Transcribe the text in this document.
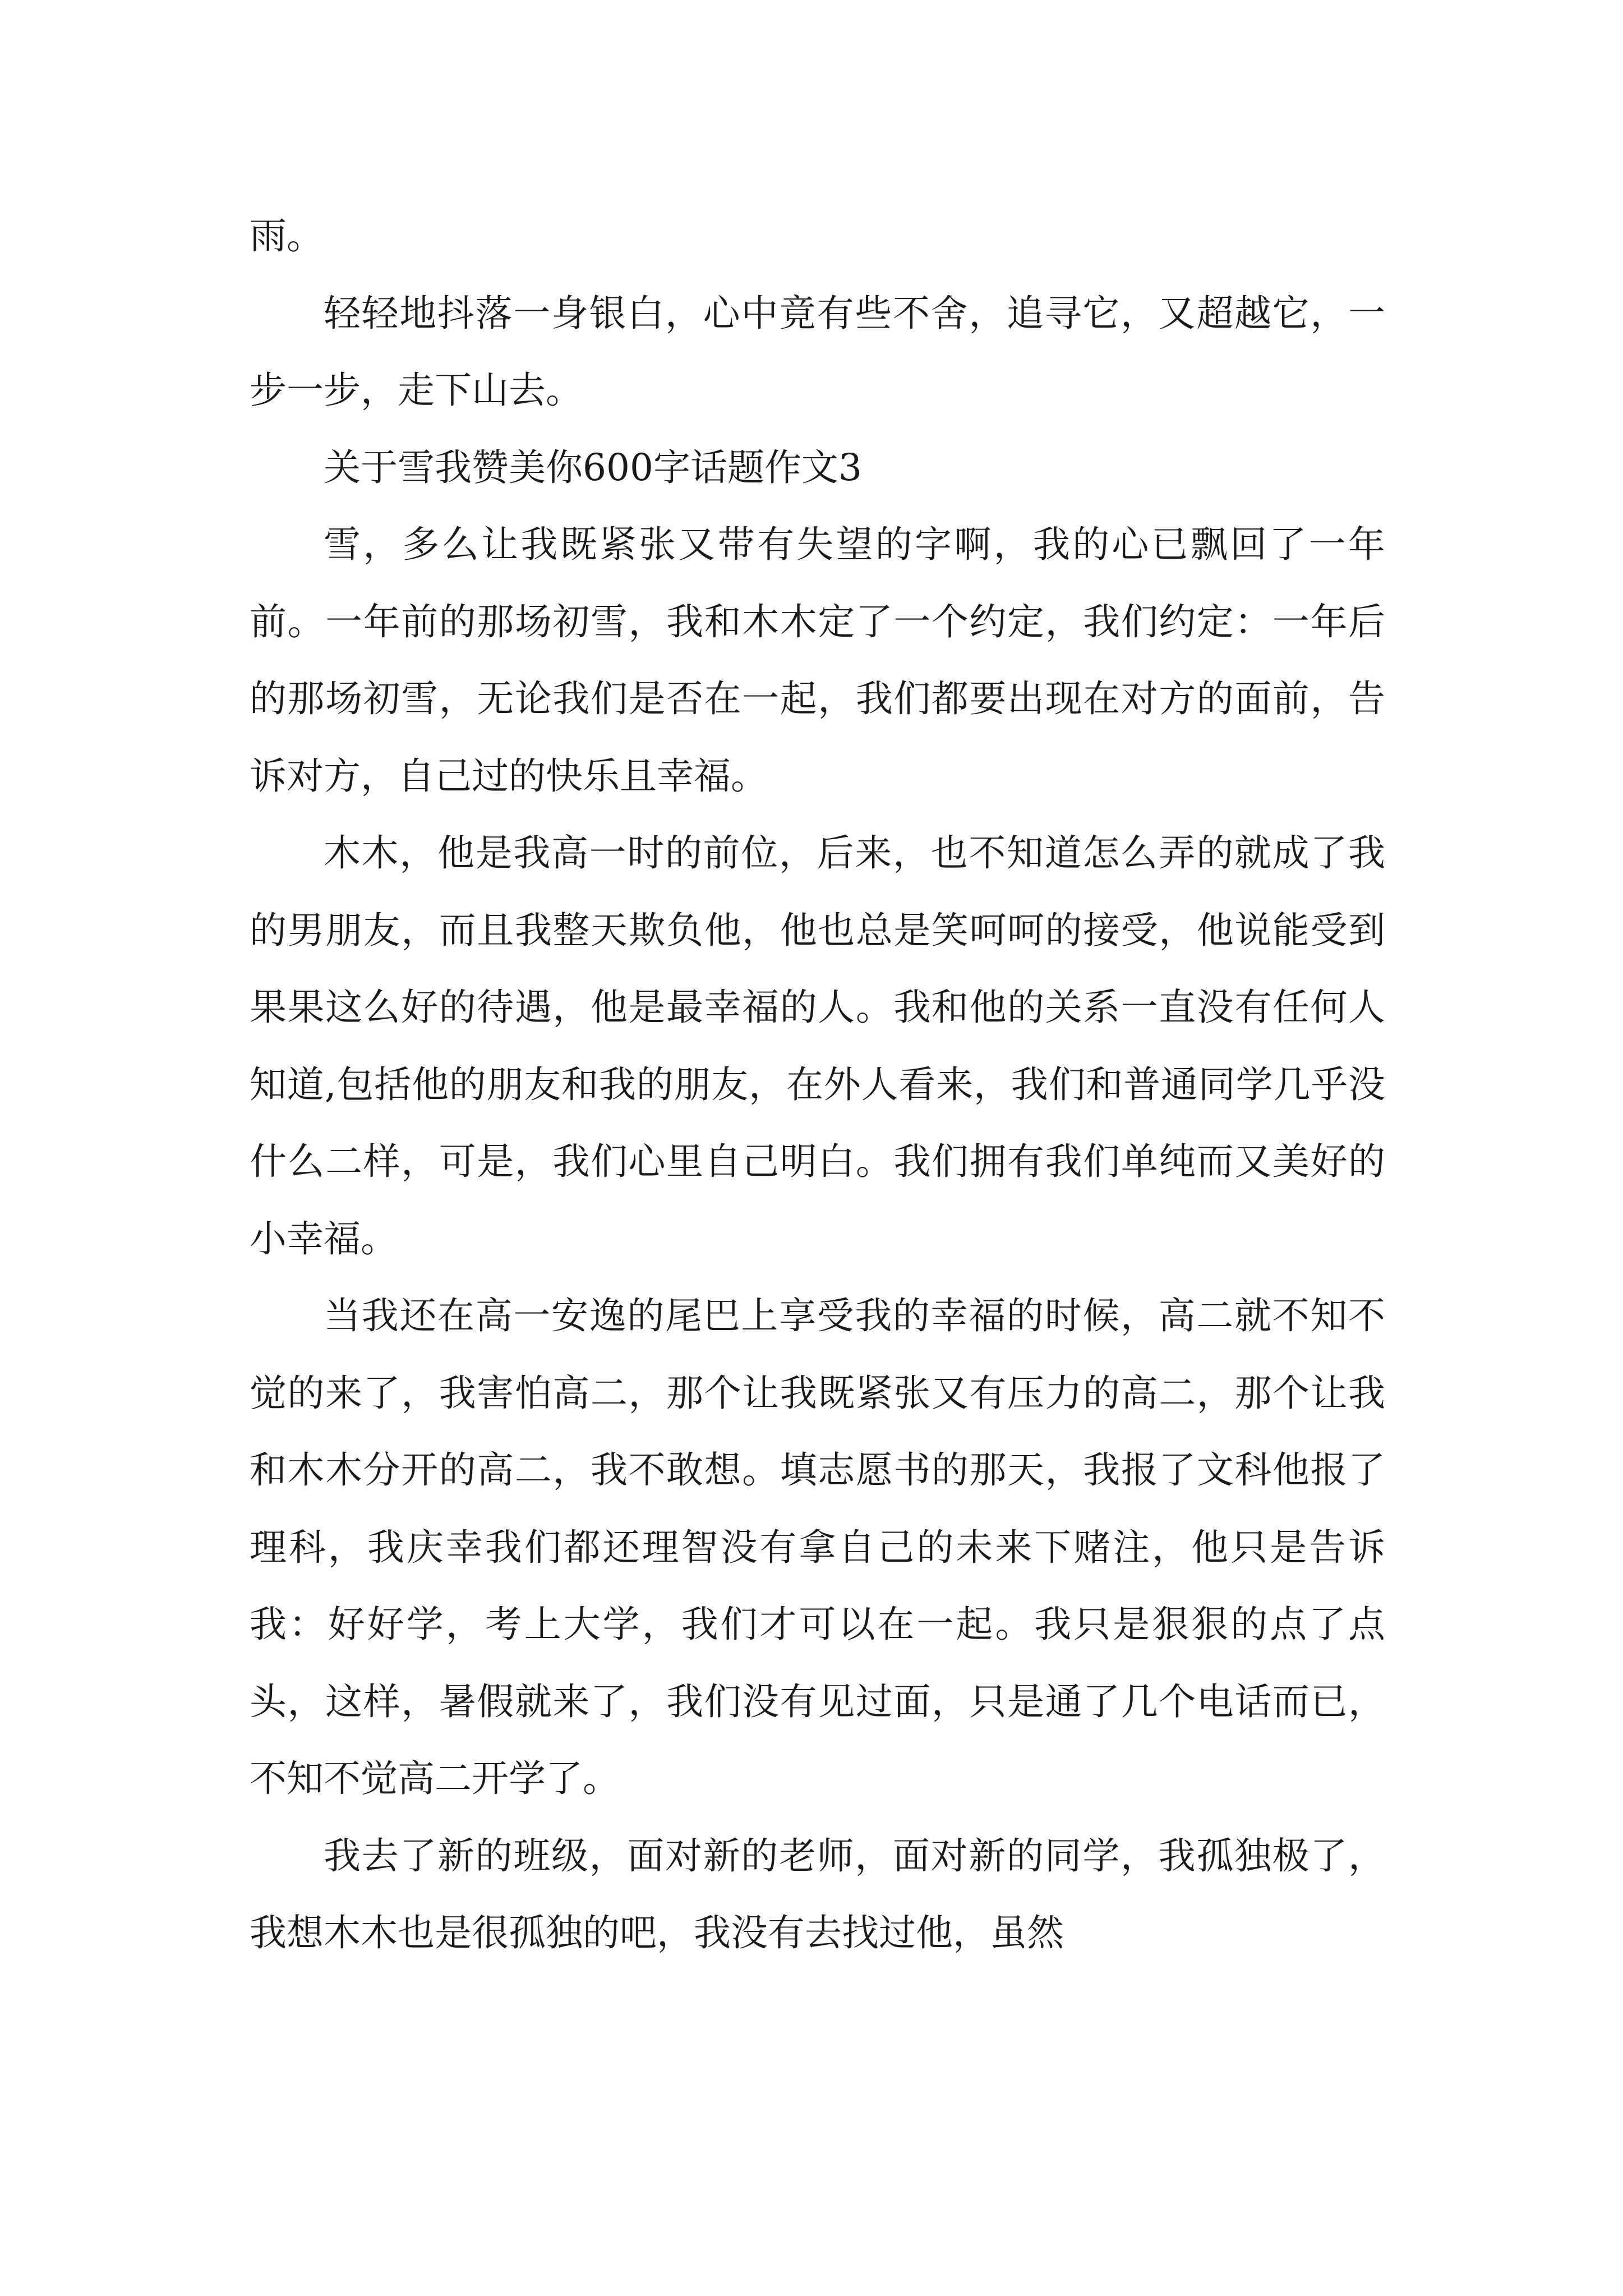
雨。

轻轻地抖落一身银白，心中竟有些不舍，追寻它，又超越它，一步一步，走下山去。

关于雪我赞美你600字话题作文3

雪，多么让我既紧张又带有失望的字啊，我的心已飘回了一年前。一年前的那场初雪，我和木木定了一个约定，我们约定：一年后的那场初雪，无论我们是否在一起，我们都要出现在对方的面前，告诉对方，自己过的快乐且幸福。

木木，他是我高一时的前位，后来，也不知道怎么弄的就成了我的男朋友，而且我整天欺负他，他也总是笑呵呵的接受，他说能受到果果这么好的待遇，他是最幸福的人。我和他的关系一直没有任何人知道,包括他的朋友和我的朋友，在外人看来，我们和普通同学几乎没什么二样，可是，我们心里自己明白。我们拥有我们单纯而又美好的小幸福。

当我还在高一安逸的尾巴上享受我的幸福的时候，高二就不知不觉的来了，我害怕高二，那个让我既紧张又有压力的高二，那个让我和木木分开的高二，我不敢想。填志愿书的那天，我报了文科他报了理科，我庆幸我们都还理智没有拿自己的未来下赌注，他只是告诉我：好好学，考上大学，我们才可以在一起。我只是狠狠的点了点头，这样，暑假就来了，我们没有见过面，只是通了几个电话而已，不知不觉高二开学了。

我去了新的班级，面对新的老师，面对新的同学，我孤独极了，我想木木也是很孤独的吧，我没有去找过他，虽然
